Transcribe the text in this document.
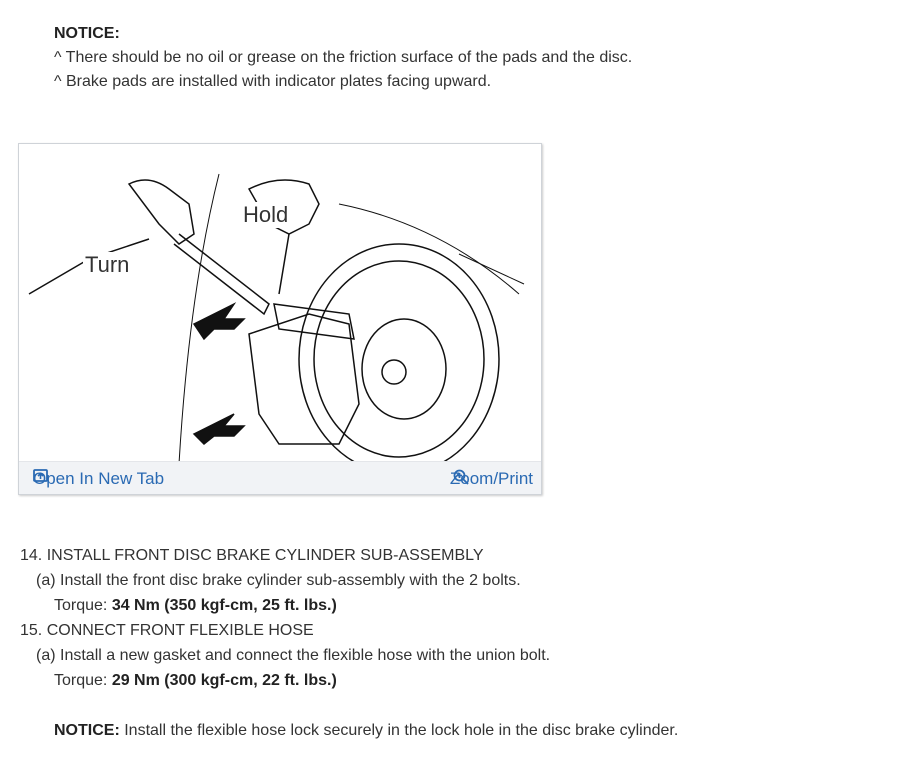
NOTICE:
^ There should be no oil or grease on the friction surface of the pads and the disc.
^ Brake pads are installed with indicator plates facing upward.
Hold
Turn
Open In New Tab	Zoom/Print
14. INSTALL FRONT DISC BRAKE CYLINDER SUB-ASSEMBLY
(a) Install the front disc brake cylinder sub-assembly with the 2 bolts.
Torque: 34 Nm (350 kgf-cm, 25 ft. lbs.)
15. CONNECT FRONT FLEXIBLE HOSE
(a) Install a new gasket and connect the flexible hose with the union bolt.
Torque: 29 Nm (300 kgf-cm, 22 ft. lbs.)
NOTICE: Install the flexible hose lock securely in the lock hole in the disc brake cylinder.
